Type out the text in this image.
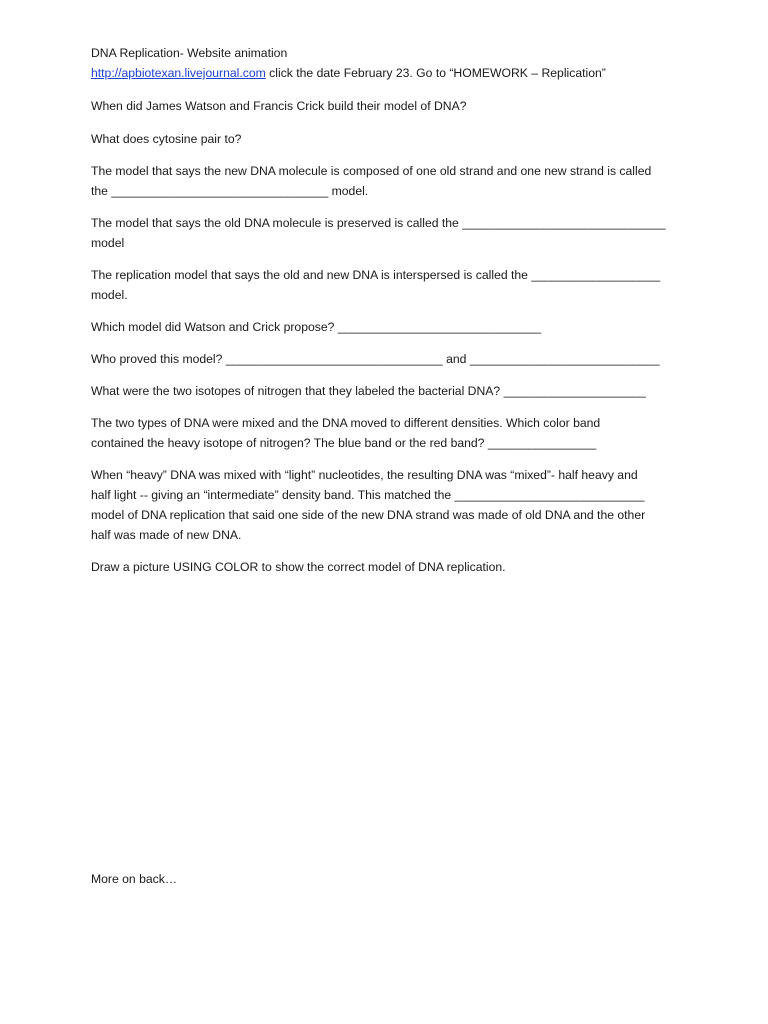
DNA Replication- Website animation
http://apbiotexan.livejournal.com click the date February 23. Go to “HOMEWORK – Replication”
When did James Watson and Francis Crick build their model of DNA?
What does cytosine pair to?
The model that says the new DNA molecule is composed of one old strand and one new strand is called
the ________________________________ model.
The model that says the old DNA molecule is preserved is called the ______________________________
model
The replication model that says the old and new DNA is interspersed is called the ___________________
model.
Which model did Watson and Crick propose? ______________________________
Who proved this model? ________________________________ and ____________________________
What were the two isotopes of nitrogen that they labeled the bacterial DNA? _____________________
The two types of DNA were mixed and the DNA moved to different densities. Which color band
contained the heavy isotope of nitrogen? The blue band or the red band? ________________
When “heavy” DNA was mixed with “light” nucleotides, the resulting DNA was “mixed”- half heavy and
half light -- giving an “intermediate” density band. This matched the ____________________________
model of DNA replication that said one side of the new DNA strand was made of old DNA and the other
half was made of new DNA.
Draw a picture USING COLOR to show the correct model of DNA replication.
More on back…
